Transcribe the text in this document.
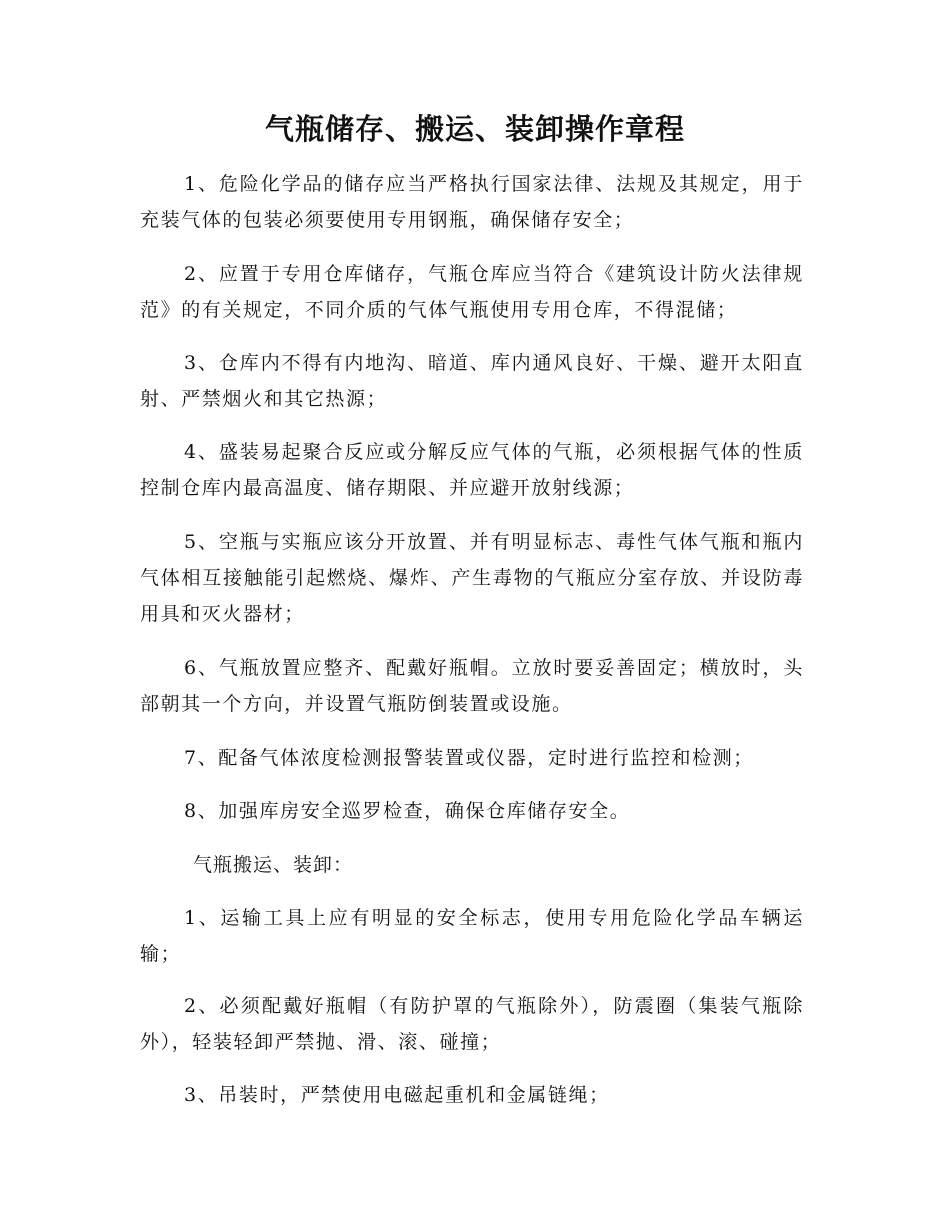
气瓶储存、搬运、装卸操作章程

1、危险化学品的储存应当严格执行国家法律、法规及其规定，用于充装气体的包装必须要使用专用钢瓶，确保储存安全；

2、应置于专用仓库储存，气瓶仓库应当符合《建筑设计防火法律规范》的有关规定，不同介质的气体气瓶使用专用仓库，不得混储；

3、仓库内不得有内地沟、暗道、库内通风良好、干燥、避开太阳直射、严禁烟火和其它热源；

4、盛装易起聚合反应或分解反应气体的气瓶，必须根据气体的性质控制仓库内最高温度、储存期限、并应避开放射线源；

5、空瓶与实瓶应该分开放置、并有明显标志、毒性气体气瓶和瓶内气体相互接触能引起燃烧、爆炸、产生毒物的气瓶应分室存放、并设防毒用具和灭火器材；

6、气瓶放置应整齐、配戴好瓶帽。立放时要妥善固定；横放时，头部朝其一个方向，并设置气瓶防倒装置或设施。

7、配备气体浓度检测报警装置或仪器，定时进行监控和检测；

8、加强库房安全巡罗检查，确保仓库储存安全。

气瓶搬运、装卸：

1、运输工具上应有明显的安全标志，使用专用危险化学品车辆运输；

2、必须配戴好瓶帽（有防护罩的气瓶除外），防震圈（集装气瓶除外），轻装轻卸严禁抛、滑、滚、碰撞；

3、吊装时，严禁使用电磁起重机和金属链绳；
